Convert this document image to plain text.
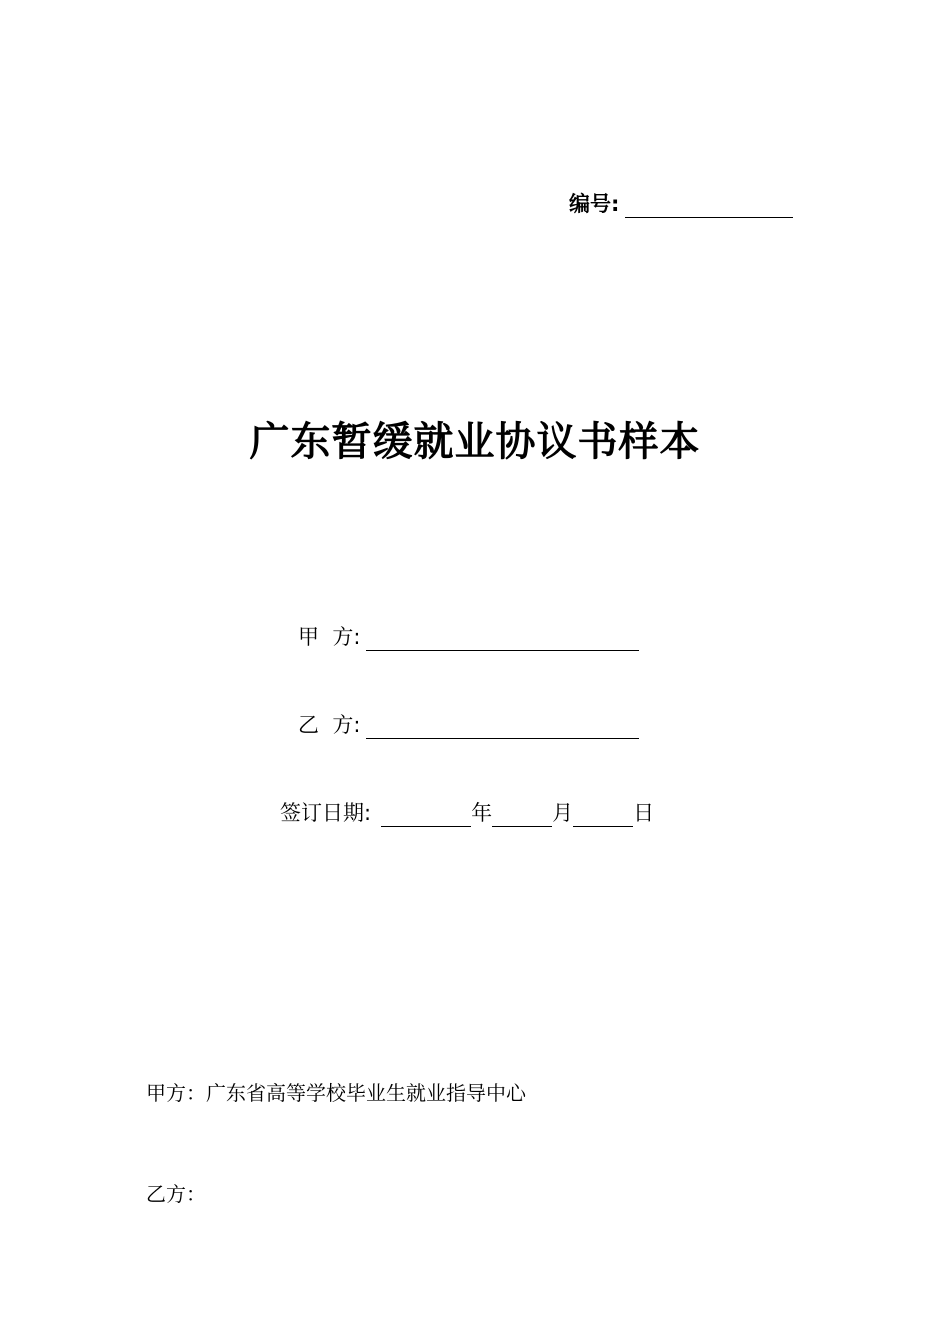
编号:
广东暂缓就业协议书样本
甲  方:
乙  方:
签订日期:	年	月	日
甲方：广东省高等学校毕业生就业指导中心
乙方：
